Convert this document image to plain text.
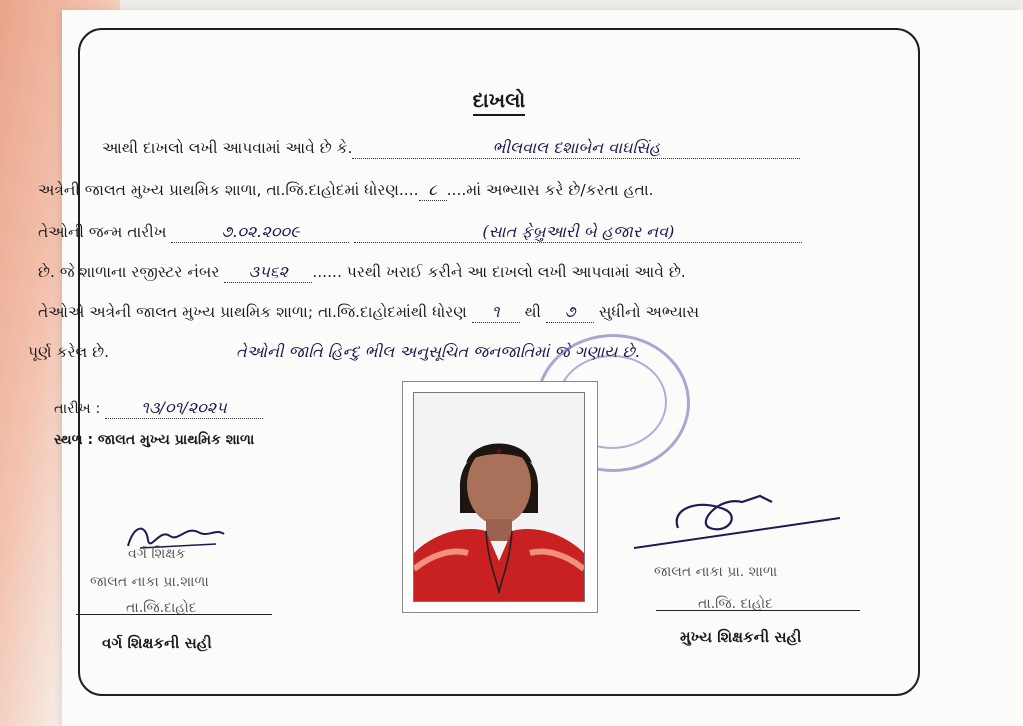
દાખલો
આથી દાખલો લખી આપવામાં આવે છે કે.	ભીલવાલ દશાબેન વાઘસિંહ
અત્રેની જાલત મુખ્ય પ્રાથમિક શાળા, તા.જિ.દાહોદમાં ધોરણ.... ૮ ....માં અભ્યાસ કરે છે/કરતા હતા.
તેઓની જન્મ તારીખ	૭.૦૨.૨૦૦૯	(સાત ફેબ્રુઆરી બે હજાર નવ)
છે. જે શાળાના રજીસ્ટર નંબર ૩૫૬૨ ...... પરથી ખરાઈ કરીને આ દાખલો લખી આપવામાં આવે છે.
તેઓએ અત્રેની જાલત મુખ્ય પ્રાથમિક શાળા; તા.જિ.દાહોદમાંથી ધોરણ ૧ થી ૭ સુધીનો અભ્યાસ
પૂર્ણ કરેલ છે.	તેઓની જાતિ હિન્દુ ભીલ અનુસૂચિત જનજાતિમાં જે ગણાય છે.
તારીખ :	૧૩/૦૧/૨૦૨૫
સ્થળ : જાલત મુખ્ય પ્રાથમિક શાળા
વર્ગ શિક્ષક
જાલત નાકા પ્રા.શાળા
તા.જિ.દાહોદ
વર્ગ શિક્ષકની સહી
જાલત નાકા પ્રા. શાળા
તા.જિ. દાહોદ
મુખ્ય શિક્ષકની સહી
